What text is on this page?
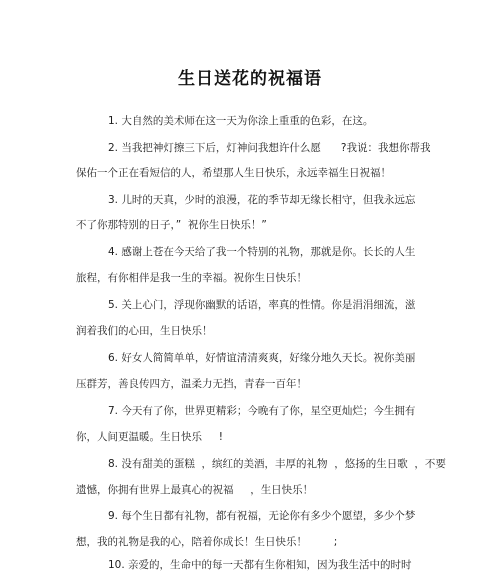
生日送花的祝福语
1. 大自然的美术师在这一天为你涂上重重的色彩，在这。
2. 当我把神灯擦三下后，灯神问我想许什么愿      ?我说：我想你帮我
保佑一个正在看短信的人，希望那人生日快乐，永远幸福生日祝福！
3. 儿时的天真，少时的浪漫，花的季节却无缘长相守，但我永远忘
不了你那特别的日子，”  祝你生日快乐！”
4. 感谢上苍在今天给了我一个特别的礼物，那就是你。长长的人生
旅程，有你相伴是我一生的幸福。祝你生日快乐！
5. 关上心门，浮现你幽默的话语，率真的性情。你是涓涓细流，滋
润着我们的心田，生日快乐！
6. 好女人简简单单，好情谊清清爽爽，好缘分地久天长。祝你美丽
压群芳，善良传四方，温柔力无挡，青春一百年！
7. 今天有了你，世界更精彩；今晚有了你，星空更灿烂；今生拥有
你，人间更温暖。生日快乐     !
8. 没有甜美的蛋糕  ，缤红的美酒，丰厚的礼物  ，悠扬的生日歌  ，不要
遗憾，你拥有世界上最真心的祝福     ，生日快乐！
9. 每个生日都有礼物，都有祝福，无论你有多少个愿望，多少个梦
想，我的礼物是我的心，陪着你成长！生日快乐！        ;
10. 亲爱的，生命中的每一天都有生你相知，因为我生活中的时时
